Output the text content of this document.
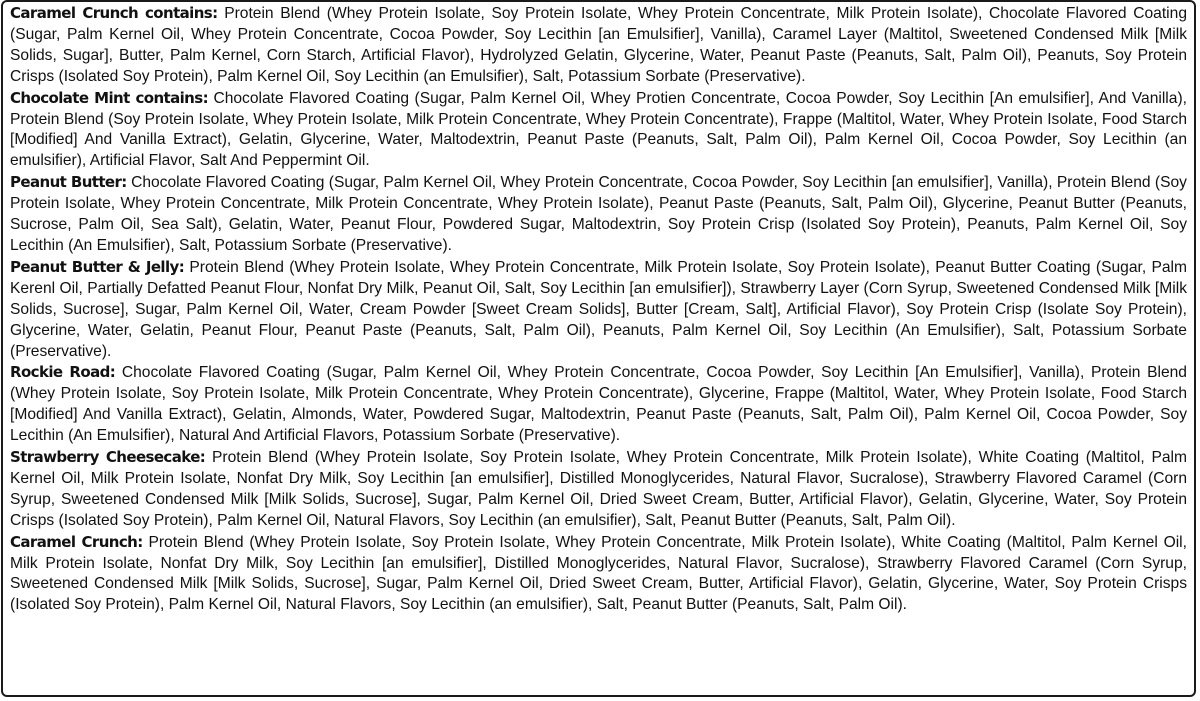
Caramel Crunch contains: Protein Blend (Whey Protein Isolate, Soy Protein Isolate, Whey Protein Concentrate, Milk Protein Isolate), Chocolate Flavored Coating (Sugar, Palm Kernel Oil, Whey Protein Concentrate, Cocoa Powder, Soy Lecithin [an Emulsifier], Vanilla), Caramel Layer (Maltitol, Sweetened Condensed Milk [Milk Solids, Sugar], Butter, Palm Kernel, Corn Starch, Artificial Flavor), Hydrolyzed Gelatin, Glycerine, Water, Peanut Paste (Peanuts, Salt, Palm Oil), Peanuts, Soy Protein Crisps (Isolated Soy Protein), Palm Kernel Oil, Soy Lecithin (an Emulsifier), Salt, Potassium Sorbate (Preservative).

Chocolate Mint contains: Chocolate Flavored Coating (Sugar, Palm Kernel Oil, Whey Protien Concentrate, Cocoa Powder, Soy Lecithin [An emulsifier], And Vanilla), Protein Blend (Soy Protein Isolate, Whey Protein Isolate, Milk Protein Concentrate, Whey Protein Concentrate), Frappe (Maltitol, Water, Whey Protein Isolate, Food Starch [Modified] And Vanilla Extract), Gelatin, Glycerine, Water, Maltodextrin, Peanut Paste (Peanuts, Salt, Palm Oil), Palm Kernel Oil, Cocoa Powder, Soy Lecithin (an emulsifier), Artificial Flavor, Salt And Peppermint Oil.

Peanut Butter: Chocolate Flavored Coating (Sugar, Palm Kernel Oil, Whey Protein Concentrate, Cocoa Powder, Soy Lecithin [an emulsifier], Vanilla), Protein Blend (Soy Protein Isolate, Whey Protein Concentrate, Milk Protein Concentrate, Whey Protein Isolate), Peanut Paste (Peanuts, Salt, Palm Oil), Glycerine, Peanut Butter (Peanuts, Sucrose, Palm Oil, Sea Salt), Gelatin, Water, Peanut Flour, Powdered Sugar, Maltodextrin, Soy Protein Crisp (Isolated Soy Protein), Peanuts, Palm Kernel Oil, Soy Lecithin (An Emulsifier), Salt, Potassium Sorbate (Preservative).

Peanut Butter & Jelly: Protein Blend (Whey Protein Isolate, Whey Protein Concentrate, Milk Protein Isolate, Soy Protein Isolate), Peanut Butter Coating (Sugar, Palm Kerenl Oil, Partially Defatted Peanut Flour, Nonfat Dry Milk, Peanut Oil, Salt, Soy Lecithin [an emulsifier]), Strawberry Layer (Corn Syrup, Sweetened Condensed Milk [Milk Solids, Sucrose], Sugar, Palm Kernel Oil, Water, Cream Powder [Sweet Cream Solids], Butter [Cream, Salt], Artificial Flavor), Soy Protein Crisp (Isolate Soy Protein), Glycerine, Water, Gelatin, Peanut Flour, Peanut Paste (Peanuts, Salt, Palm Oil), Peanuts, Palm Kernel Oil, Soy Lecithin (An Emulsifier), Salt, Potassium Sorbate (Preservative).

Rockie Road: Chocolate Flavored Coating (Sugar, Palm Kernel Oil, Whey Protein Concentrate, Cocoa Powder, Soy Lecithin [An Emulsifier], Vanilla), Protein Blend (Whey Protein Isolate, Soy Protein Isolate, Milk Protein Concentrate, Whey Protein Concentrate), Glycerine, Frappe (Maltitol, Water, Whey Protein Isolate, Food Starch [Modified] And Vanilla Extract), Gelatin, Almonds, Water, Powdered Sugar, Maltodextrin, Peanut Paste (Peanuts, Salt, Palm Oil), Palm Kernel Oil, Cocoa Powder, Soy Lecithin (An Emulsifier), Natural And Artificial Flavors, Potassium Sorbate (Preservative).

Strawberry Cheesecake: Protein Blend (Whey Protein Isolate, Soy Protein Isolate, Whey Protein Concentrate, Milk Protein Isolate), White Coating (Maltitol, Palm Kernel Oil, Milk Protein Isolate, Nonfat Dry Milk, Soy Lecithin [an emulsifier], Distilled Monoglycerides, Natural Flavor, Sucralose), Strawberry Flavored Caramel (Corn Syrup, Sweetened Condensed Milk [Milk Solids, Sucrose], Sugar, Palm Kernel Oil, Dried Sweet Cream, Butter, Artificial Flavor), Gelatin, Glycerine, Water, Soy Protein Crisps (Isolated Soy Protein), Palm Kernel Oil, Natural Flavors, Soy Lecithin (an emulsifier), Salt, Peanut Butter (Peanuts, Salt, Palm Oil).

Caramel Crunch: Protein Blend (Whey Protein Isolate, Soy Protein Isolate, Whey Protein Concentrate, Milk Protein Isolate), White Coating (Maltitol, Palm Kernel Oil, Milk Protein Isolate, Nonfat Dry Milk, Soy Lecithin [an emulsifier], Distilled Monoglycerides, Natural Flavor, Sucralose), Strawberry Flavored Caramel (Corn Syrup, Sweetened Condensed Milk [Milk Solids, Sucrose], Sugar, Palm Kernel Oil, Dried Sweet Cream, Butter, Artificial Flavor), Gelatin, Glycerine, Water, Soy Protein Crisps (Isolated Soy Protein), Palm Kernel Oil, Natural Flavors, Soy Lecithin (an emulsifier), Salt, Peanut Butter (Peanuts, Salt, Palm Oil).
